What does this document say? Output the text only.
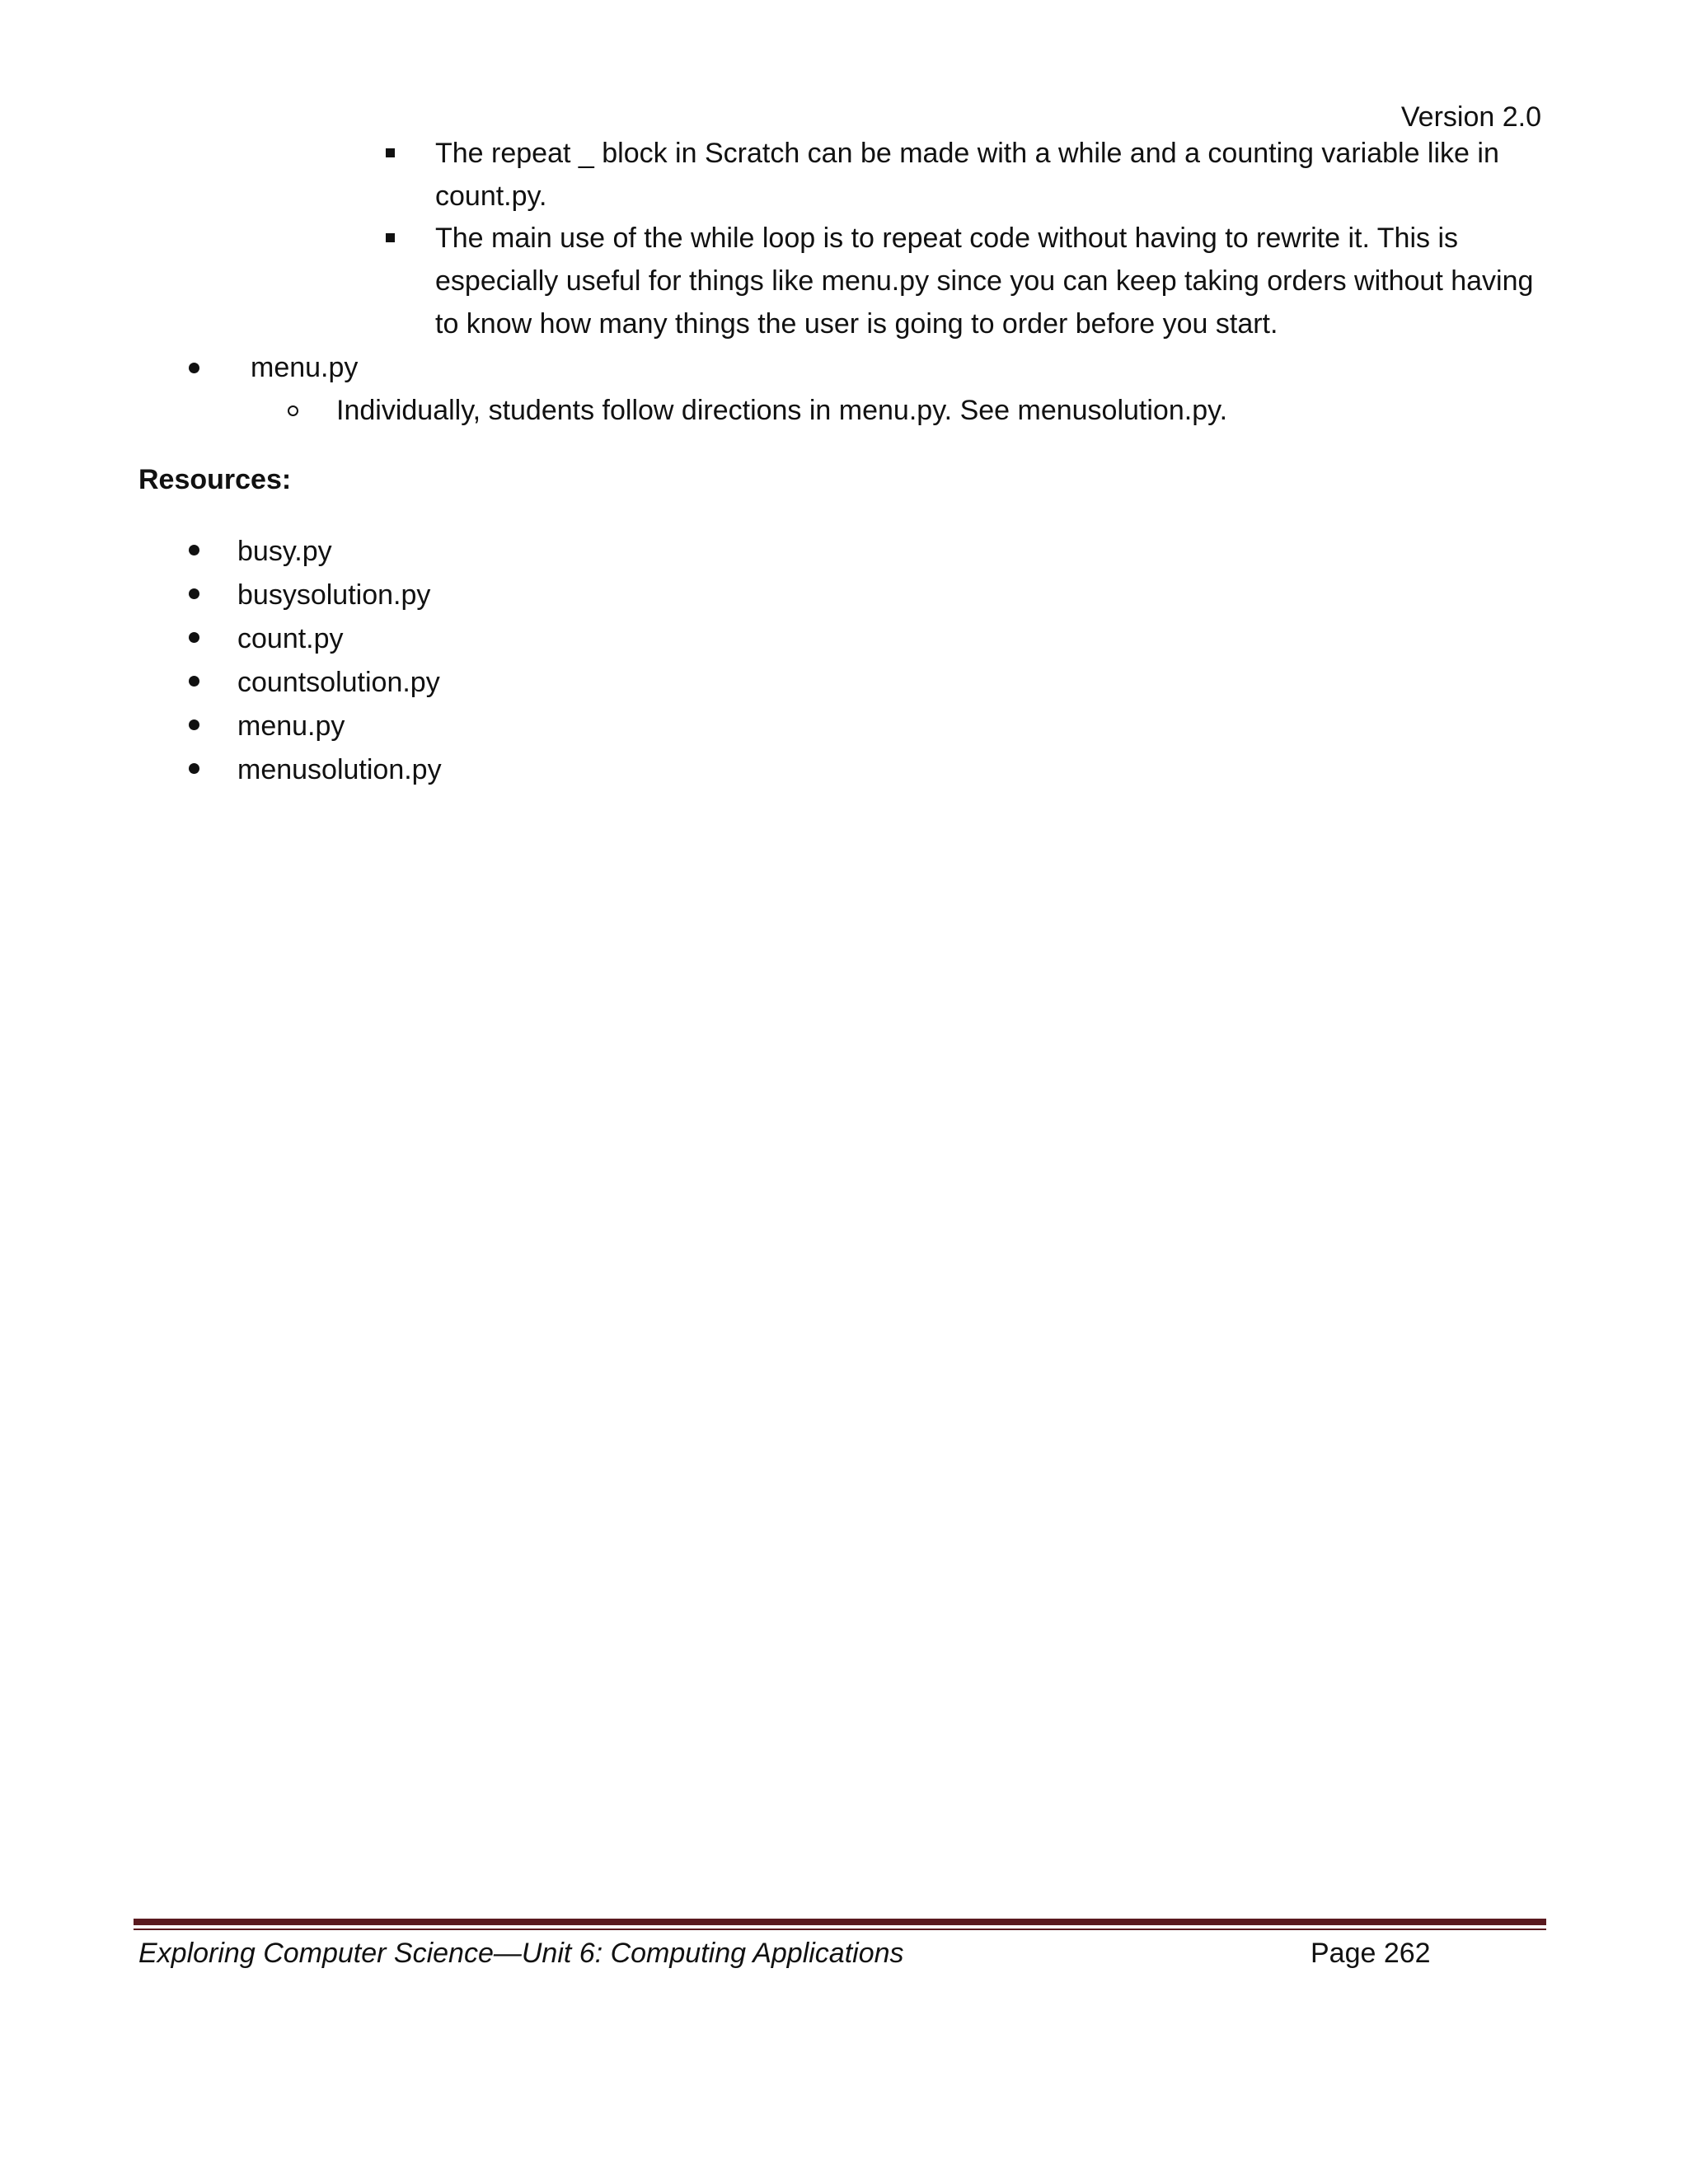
Version 2.0
The repeat _ block in Scratch can be made with a while and a counting variable like in
count.py.
The main use of the while loop is to repeat code without having to rewrite it. This is
especially useful for things like menu.py since you can keep taking orders without having
to know how many things the user is going to order before you start.
menu.py
Individually, students follow directions in menu.py. See menusolution.py.
Resources:
busy.py
busysolution.py
count.py
countsolution.py
menu.py
menusolution.py
Exploring Computer Science—Unit 6: Computing Applications	Page 262
